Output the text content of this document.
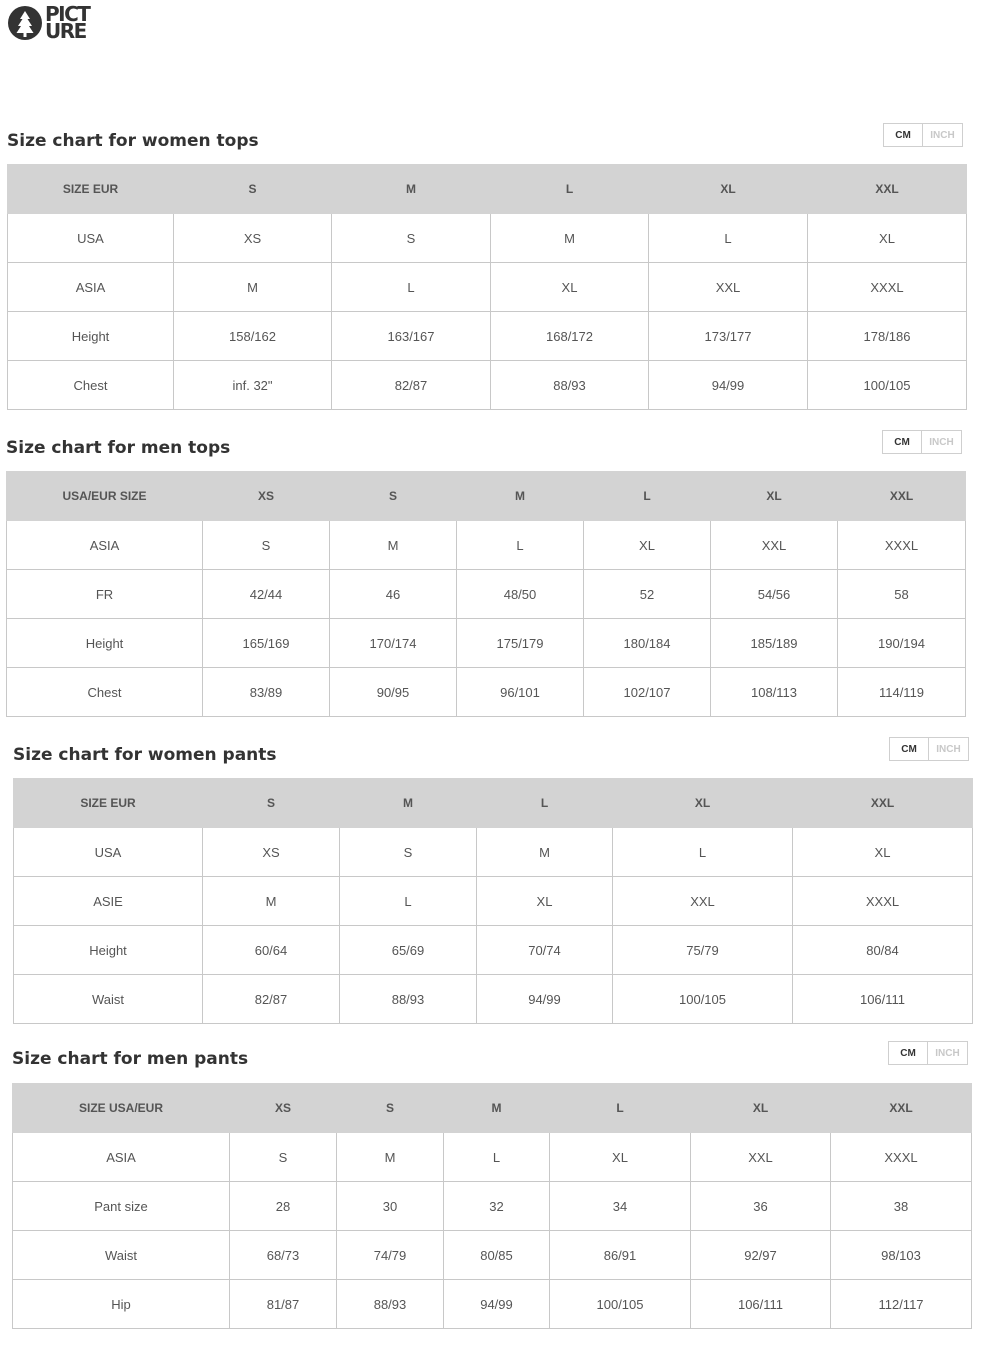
PICT
URE
Size chart for women tops	CM	INCH
SIZE EUR	S	M	L	XL	XXL
USA	XS	S	M	L	XL
ASIA	M	L	XL	XXL	XXXL
Height	158/162	163/167	168/172	173/177	178/186
Chest	inf. 32"	82/87	88/93	94/99	100/105
Size chart for men tops	CM	INCH
USA/EUR SIZE	XS	S	M	L	XL	XXL
ASIA	S	M	L	XL	XXL	XXXL
FR	42/44	46	48/50	52	54/56	58
Height	165/169	170/174	175/179	180/184	185/189	190/194
Chest	83/89	90/95	96/101	102/107	108/113	114/119
Size chart for women pants	CM	INCH
SIZE EUR	S	M	L	XL	XXL
USA	XS	S	M	L	XL
ASIE	M	L	XL	XXL	XXXL
Height	60/64	65/69	70/74	75/79	80/84
Waist	82/87	88/93	94/99	100/105	106/111
Size chart for men pants	CM	INCH
SIZE USA/EUR	XS	S	M	L	XL	XXL
ASIA	S	M	L	XL	XXL	XXXL
Pant size	28	30	32	34	36	38
Waist	68/73	74/79	80/85	86/91	92/97	98/103
Hip	81/87	88/93	94/99	100/105	106/111	112/117
